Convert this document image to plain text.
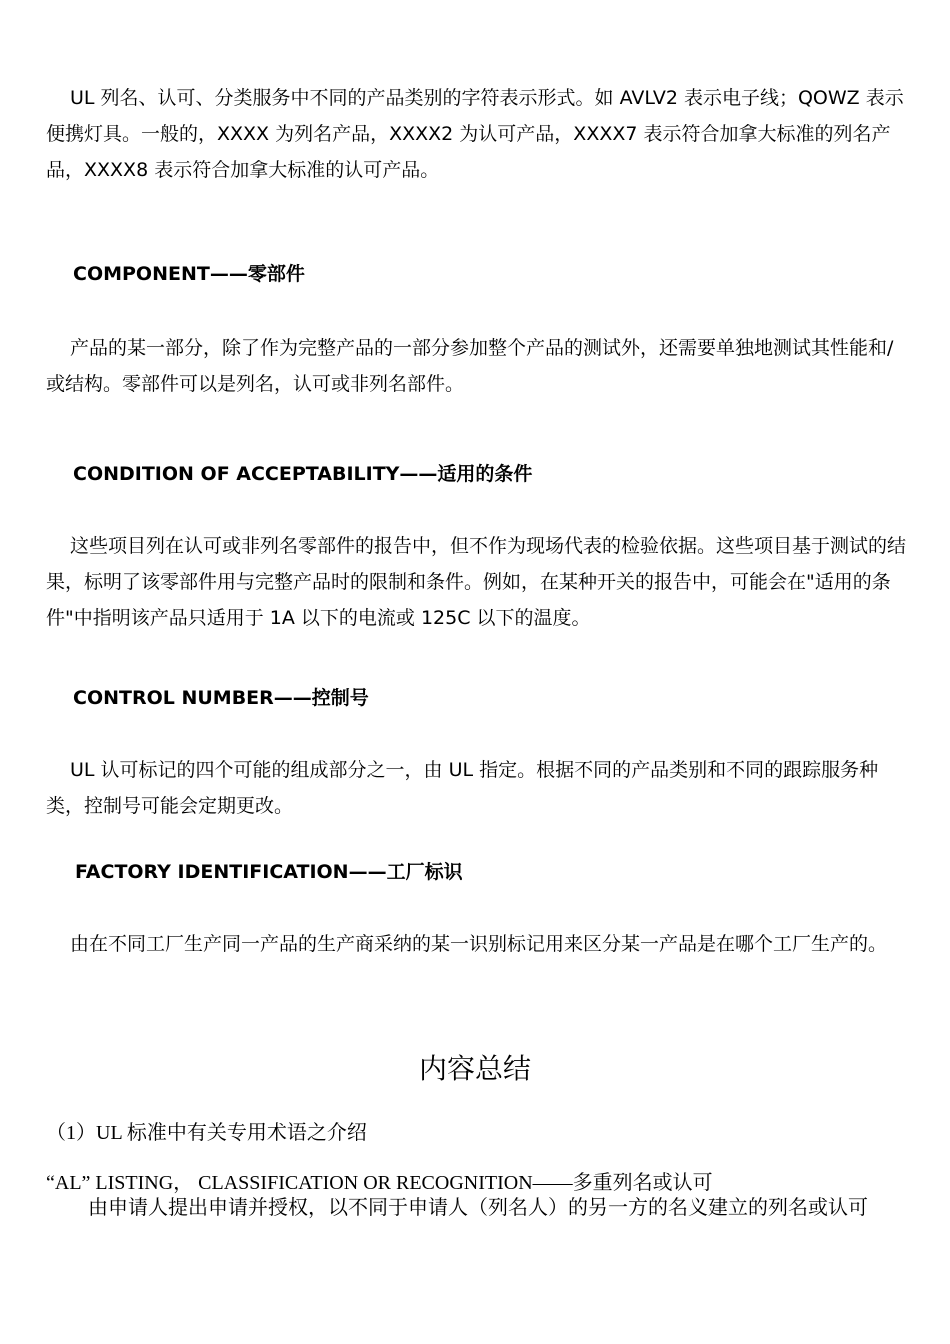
UL 列名、认可、分类服务中不同的产品类别的字符表示形式。如 AVLV2 表示电子线；QOWZ 表示便携灯具。一般的，XXXX 为列名产品，XXXX2 为认可产品，XXXX7 表示符合加拿大标准的列名产品，XXXX8 表示符合加拿大标准的认可产品。

COMPONENT——零部件

产品的某一部分，除了作为完整产品的一部分参加整个产品的测试外，还需要单独地测试其性能和/或结构。零部件可以是列名，认可或非列名部件。

CONDITION OF ACCEPTABILITY——适用的条件

这些项目列在认可或非列名零部件的报告中，但不作为现场代表的检验依据。这些项目基于测试的结果，标明了该零部件用与完整产品时的限制和条件。例如，在某种开关的报告中，可能会在"适用的条件"中指明该产品只适用于 1A 以下的电流或 125C 以下的温度。

CONTROL NUMBER——控制号

UL 认可标记的四个可能的组成部分之一，由 UL 指定。根据不同的产品类别和不同的跟踪服务种类，控制号可能会定期更改。

FACTORY IDENTIFICATION——工厂标识

由在不同工厂生产同一产品的生产商采纳的某一识别标记用来区分某一产品是在哪个工厂生产的。

内容总结

（1）UL 标准中有关专用术语之介绍

“AL” LISTING， CLASSIFICATION OR RECOGNITION——多重列名或认可

由申请人提出申请并授权，以不同于申请人（列名人）的另一方的名义建立的列名或认可
